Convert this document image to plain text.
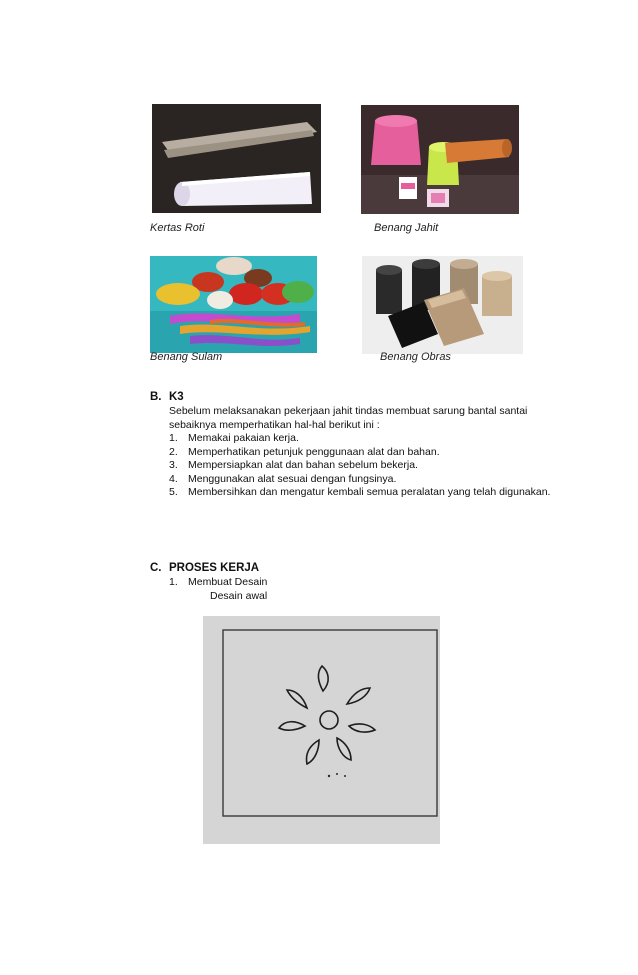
Kertas Roti	Benang Jahit
Benang Sulam	Benang Obras
B. K3
Sebelum melaksanakan pekerjaan jahit tindas membuat sarung bantal santai
sebaiknya memperhatikan hal-hal berikut ini :
1. Memakai pakaian kerja.
2. Memperhatikan petunjuk penggunaan alat dan bahan.
3. Mempersiapkan alat dan bahan sebelum bekerja.
4. Menggunakan alat sesuai dengan fungsinya.
5. Membersihkan dan mengatur kembali semua peralatan yang telah digunakan.
C. PROSES KERJA
1. Membuat Desain
Desain awal
